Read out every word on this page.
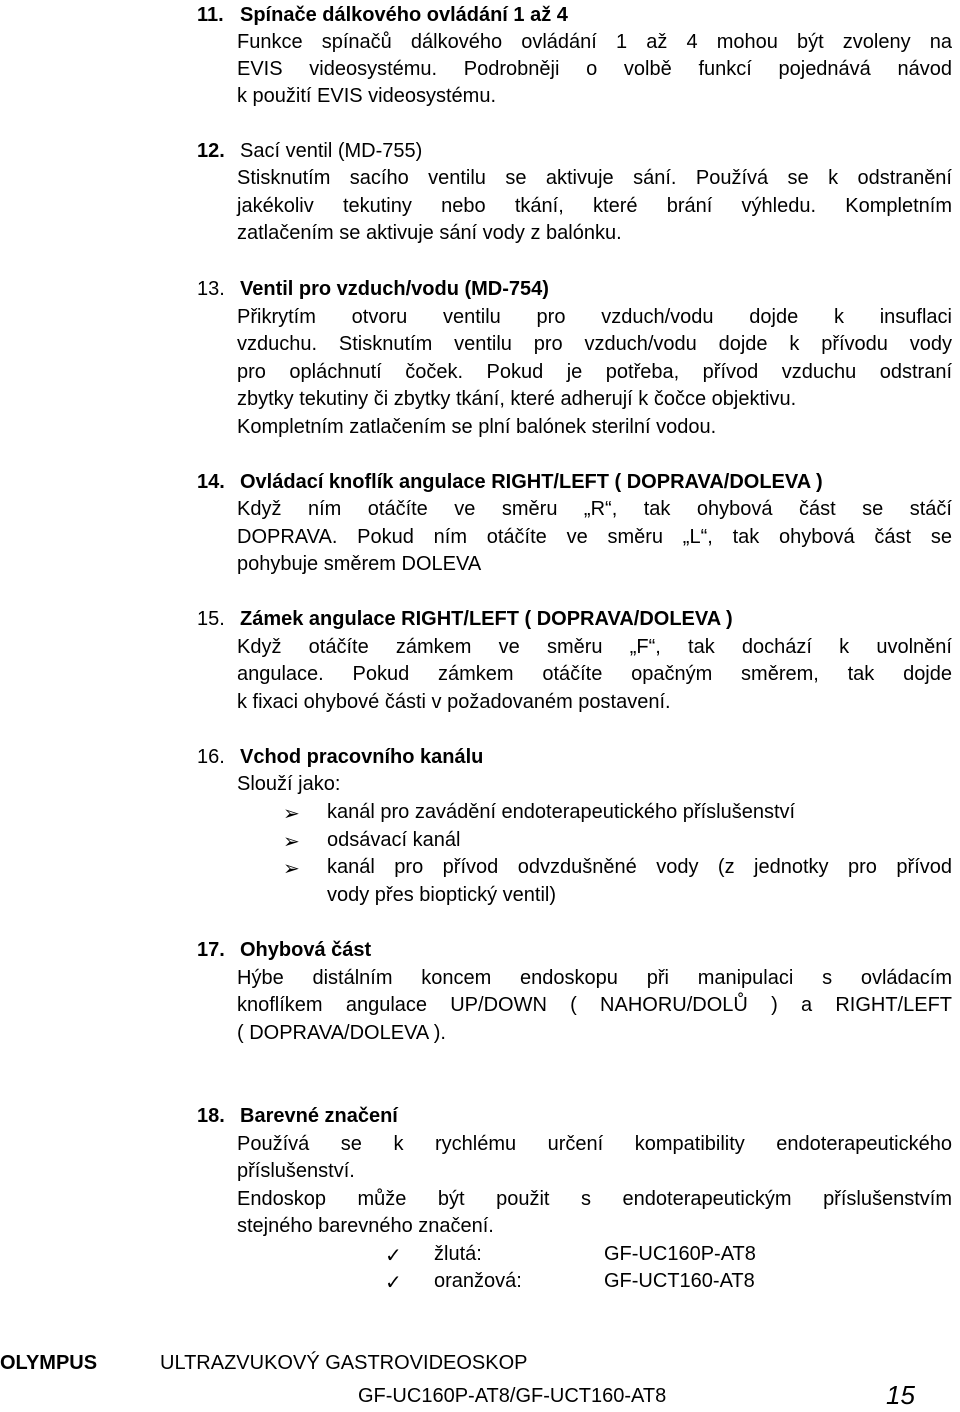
11. Spínače dálkového ovládání 1 až 4
Funkce spínačů dálkového ovládání 1 až 4 mohou být zvoleny na
EVIS videosystému. Podrobněji o volbě funkcí pojednává návod
k použití EVIS videosystému.
12. Sací ventil (MD-755)
Stisknutím sacího ventilu se aktivuje sání. Používá se k odstranění
jakékoliv tekutiny nebo tkání, které brání výhledu. Kompletním
zatlačením se aktivuje sání vody z balónku.
13. Ventil pro vzduch/vodu (MD-754)
Přikrytím otvoru ventilu pro vzduch/vodu dojde k insuflaci
vzduchu. Stisknutím ventilu pro vzduch/vodu dojde k přívodu vody
pro opláchnutí čoček. Pokud je potřeba, přívod vzduchu odstraní
zbytky tekutiny či zbytky tkání, které adherují k čočce objektivu.
Kompletním zatlačením se plní balónek sterilní vodou.
14. Ovládací knoflík angulace RIGHT/LEFT ( DOPRAVA/DOLEVA )
Když ním otáčíte ve směru „R“, tak ohybová část se stáčí
DOPRAVA. Pokud ním otáčíte ve směru „L“, tak ohybová část se
pohybuje směrem DOLEVA
15. Zámek angulace RIGHT/LEFT ( DOPRAVA/DOLEVA )
Když otáčíte zámkem ve směru „F“, tak dochází k uvolnění
angulace. Pokud zámkem otáčíte opačným směrem, tak dojde
k fixaci ohybové části v požadovaném postavení.
16. Vchod pracovního kanálu
Slouží jako:
➢ kanál pro zavádění endoterapeutického příslušenství
➢ odsávací kanál
➢ kanál pro přívod odvzdušněné vody (z jednotky pro přívod
vody přes bioptický ventil)
17. Ohybová část
Hýbe distálním koncem endoskopu při manipulaci s ovládacím
knoflíkem angulace UP/DOWN ( NAHORU/DOLŮ ) a RIGHT/LEFT
( DOPRAVA/DOLEVA ).
18. Barevné značení
Používá se k rychlému určení kompatibility endoterapeutického
příslušenství.
Endoskop může být použit s endoterapeutickým příslušenstvím
stejného barevného značení.
✓ žlutá:	GF-UC160P-AT8
✓ oranžová:	GF-UCT160-AT8
OLYMPUS	ULTRAZVUKOVÝ GASTROVIDEOSKOP
GF-UC160P-AT8/GF-UCT160-AT8	15
